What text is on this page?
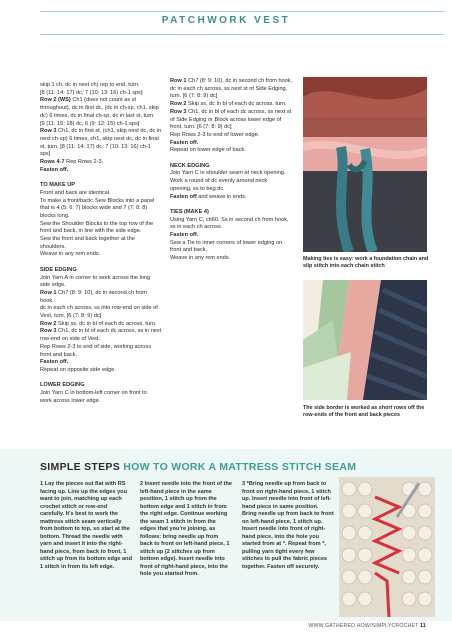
PATCHWORK VEST

skip 1 ch, dc in next ch) rep to end, turn.

[8 (11: 14: 17) dc, 7 (10: 13: 16) ch-1 sps]

Row 2 (WS) Ch1 (does not count as st

throughout), dc in first dc, (dc in ch-sp, ch1, skip

dc) 6 times, dc in final ch-sp, dc in last st, turn.

[9 (11: 15: 18) dc, 6 (9: 12: 15) ch-1 sps]

Row 3 Ch1, dc in first st, (ch1, skip next dc, dc in

next ch-sp) 6 times, ch1, skip next dc, dc in final

st, turn. [8 (11: 14: 17) dc, 7 (10: 13: 16) ch-1 sps]

Rows 4-7 Rep Rows 2-3.

Fasten off.

TO MAKE UP

Front and back are identical.

To make a front/back: Sew Blocks into a panel

that is 4 (5: 6: 7) blocks wide and 7 (7: 8: 8)

blocks long.

Sew the Shoulder Blocks to the top row of the

front and back, in line with the side edge.

Sew the front and back together at the

shoulders.

Weave in any rem ends.

SIDE EDGING

Join Yarn A in corner to work across the long

side edge.

Row 1 Ch7 (8: 9: 10), dc in second ch from hook,

dc in each ch across, ss into row-end on side of

Vest, turn. [6 (7: 8: 9) dc]

Row 2 Skip ss, dc in bl of each dc across, turn.

Row 3 Ch1, dc in bl of each dc across, ss in next

row-end on side of Vest.

Rep Rows 2-3 to end of side, working across

front and back.

Fasten off.

Repeat on opposite side edge.

LOWER EDGING

Join Yarn C in bottom-left corner on front to

work across lower edge.

Row 1 Ch7 (8: 9: 10), dc in second ch from hook,

dc in each ch across, ss next st of Side Edging,

turn. [6 (7: 8: 9) dc]

Row 2 Skip ss, dc in bl of each dc across, turn.

Row 3 Ch1, dc in bl of each dc across, ss next st

of Side Edging or Block across lower edge of

front, turn. [6 (7: 8: 9) dc]

Rep Rows 2-3 to end of lower edge.

Fasten off.

Repeat on lower edge of back.

NECK EDGING

Join Yarn C in shoulder seam at neck opening.

Work a round of dc evenly around neck

opening, ss to beg dc.

Fasten off and weave in ends.

TIES (MAKE 4)

Using Yarn C, ch60. Ss in second ch from hook,

ss in each ch across.

Fasten off.

Sew a Tie to inner corners of lower edging on

front and back.

Weave in any rem ends.	Making ties is easy: work a foundation chain and slip stitch into each chain stitch
The side border is worked as short rows off the row-ends of the front and back pieces
SIMPLE STEPS HOW TO WORK A MATTRESS STITCH SEAM
1 Lay the pieces out flat with RS facing up. Line up the edges you want to join, matching up each crochet stitch or row-end carefully. It's best to work the mattress stitch seam vertically from bottom to top, so start at the bottom. Thread the needle with yarn and insert it into the right-hand piece, from back to front, 1 stitch up from its bottom edge and 1 stitch in from its left edge.
2 Insert needle into the front of the left-hand piece in the same position, 1 stitch up from the bottom edge and 1 stitch in from the right edge. Continue working the seam 1 stitch in from the edges that you're joining, as follows: bring needle up from back to front on left-hand piece, 1 stitch up (2 stitches up from bottom edge). Insert needle into front of right-hand piece, into the hole you started from.
3 *Bring needle up from back to front on right-hand piece, 1 stitch up. Insert needle into front of left-hand piece in same position. Bring needle up from back to front on left-hand piece, 1 stitch up. Insert needle into front of right-hand piece, into the hole you started from at *. Repeat from *, pulling yarn tight every few stitches to pull the fabric pieces together. Fasten off securely.
WWW.GATHERED.HOW/SIMPLYCROCHET 11
